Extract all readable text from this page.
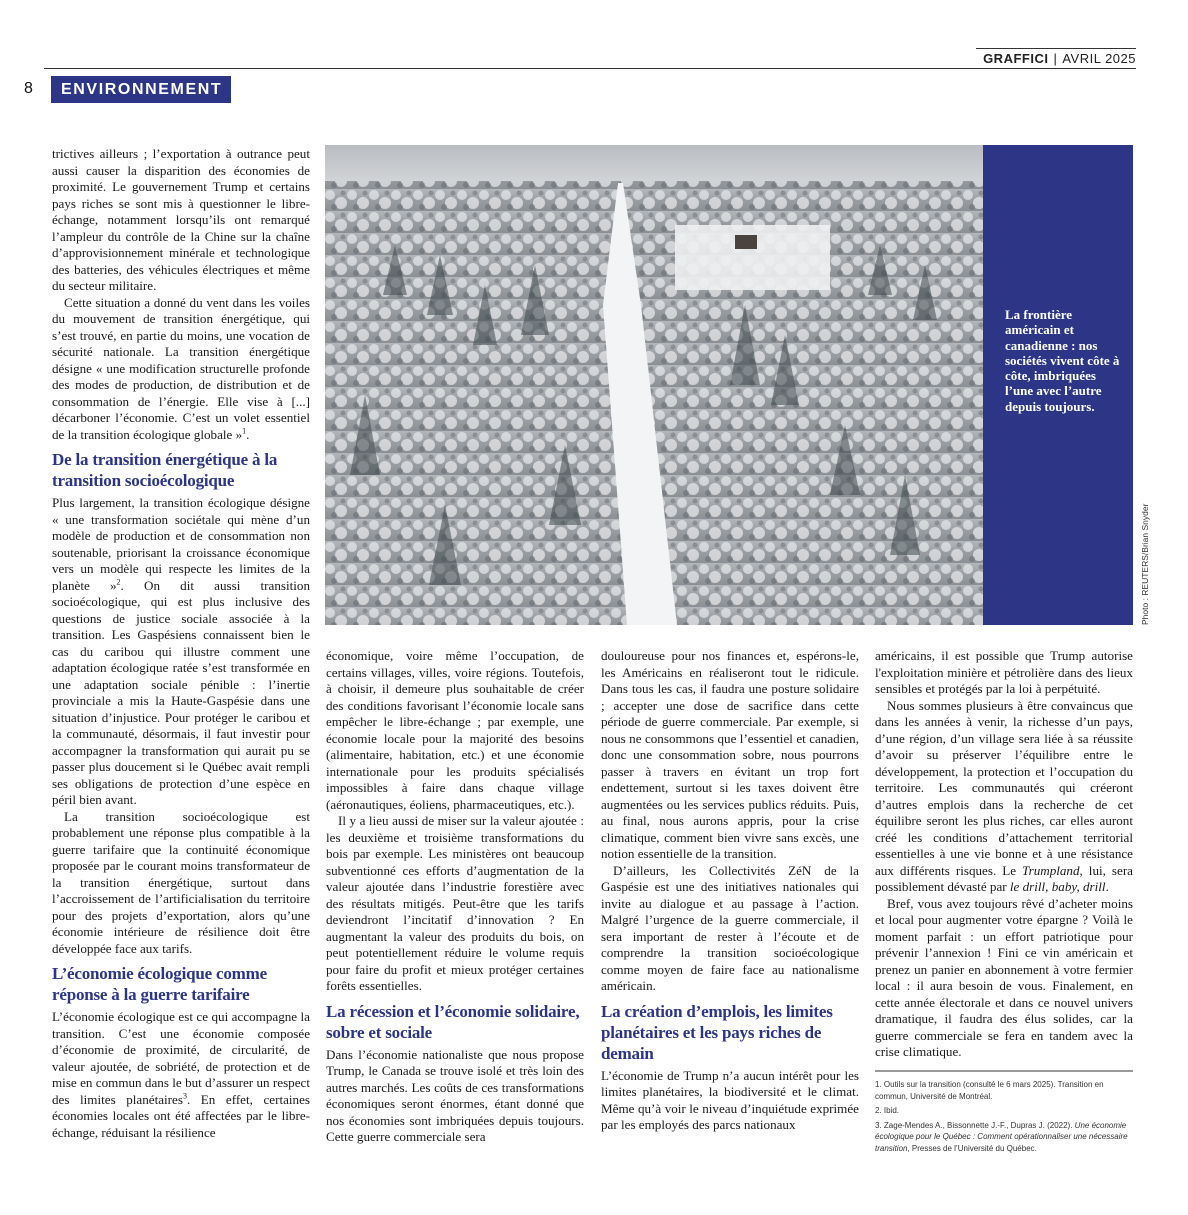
GRAFFICI | AVRIL 2025
8	ENVIRONNEMENT

trictives ailleurs ; l’exportation à outrance peut aussi causer la disparition des économies de proximité. Le gouvernement Trump et certains pays riches se sont mis à questionner le libre-échange, notamment lorsqu’ils ont remarqué l’ampleur du contrôle de la Chine sur la chaîne d’approvisionnement minérale et technologique des batteries, des véhicules électriques et même du secteur militaire.

Cette situation a donné du vent dans les voiles du mouvement de transition énergétique, qui s’est trouvé, en partie du moins, une vocation de sécurité nationale. La transition énergétique désigne « une modification structurelle profonde des modes de production, de distribution et de consommation de l’énergie. Elle vise à [...] décarboner l’économie. C’est un volet essentiel de la transition écologique globale »$^1$.

De la transition énergétique à la transition socioécologique

Plus largement, la transition écologique désigne « une transformation sociétale qui mène d’un modèle de production et de consommation non soutenable, priorisant la croissance économique vers un modèle qui respecte les limites de la planète »$^2$. On dit aussi transition socioécologique, qui est plus inclusive des questions de justice sociale associée à la transition. Les Gaspésiens connaissent bien le cas du caribou qui illustre comment une adaptation écologique ratée s’est transformée en une adaptation sociale pénible : l’inertie provinciale a mis la Haute-Gaspésie dans une situation d’injustice. Pour protéger le caribou et la communauté, désormais, il faut investir pour accompagner la transformation qui aurait pu se passer plus doucement si le Québec avait rempli ses obligations de protection d’une espèce en péril bien avant.

La transition socioécologique est probablement une réponse plus compatible à la guerre tarifaire que la continuité économique proposée par le courant moins transformateur de la transition énergétique, surtout dans l’accroissement de l’artificialisation du territoire pour des projets d’exportation, alors qu’une économie intérieure de résilience doit être développée face aux tarifs.

L’économie écologique comme réponse à la guerre tarifaire

L’économie écologique est ce qui accompagne la transition. C’est une économie composée d’économie de proximité, de circularité, de valeur ajoutée, de sobriété, de protection et de mise en commun dans le but d’assurer un respect des limites planétaires$^3$. En effet, certaines économies locales ont été affectées par le libre-échange, réduisant la résilience

La frontière américain et canadienne : nos sociétés vivent côte à côte, imbriquées l’une avec l’autre depuis toujours.
Photo : REUTERS/Brian Snyder

économique, voire même l’occupation, de certains villages, villes, voire régions. Toutefois, à choisir, il demeure plus souhaitable de créer des conditions favorisant l’économie locale sans empêcher le libre-échange ; par exemple, une économie locale pour la majorité des besoins (alimentaire, habitation, etc.) et une économie internationale pour les produits spécialisés impossibles à faire dans chaque village (aéronautiques, éoliens, pharmaceutiques, etc.).

Il y a lieu aussi de miser sur la valeur ajoutée : les deuxième et troisième transformations du bois par exemple. Les ministères ont beaucoup subventionné ces efforts d’augmentation de la valeur ajoutée dans l’industrie forestière avec des résultats mitigés. Peut-être que les tarifs deviendront l’incitatif d’innovation ? En augmentant la valeur des produits du bois, on peut potentiellement réduire le volume requis pour faire du profit et mieux protéger certaines forêts essentielles.

La récession et l’économie solidaire, sobre et sociale

Dans l’économie nationaliste que nous propose Trump, le Canada se trouve isolé et très loin des autres marchés. Les coûts de ces transformations économiques seront énormes, étant donné que nos économies sont imbriquées depuis toujours. Cette guerre commerciale sera

douloureuse pour nos finances et, espérons-le, les Américains en réaliseront tout le ridicule. Dans tous les cas, il faudra une posture solidaire ; accepter une dose de sacrifice dans cette période de guerre commerciale. Par exemple, si nous ne consommons que l’essentiel et canadien, donc une consommation sobre, nous pourrons passer à travers en évitant un trop fort endettement, surtout si les taxes doivent être augmentées ou les services publics réduits. Puis, au final, nous aurons appris, pour la crise climatique, comment bien vivre sans excès, une notion essentielle de la transition.

D’ailleurs, les Collectivités ZéN de la Gaspésie est une des initiatives nationales qui invite au dialogue et au passage à l’action. Malgré l’urgence de la guerre commerciale, il sera important de rester à l’écoute et de comprendre la transition socioécologique comme moyen de faire face au nationalisme américain.

La création d’emplois, les limites planétaires et les pays riches de demain

L’économie de Trump n’a aucun intérêt pour les limites planétaires, la biodiversité et le climat. Même qu’à voir le niveau d’inquiétude exprimée par les employés des parcs nationaux

américains, il est possible que Trump autorise l'exploitation minière et pétrolière dans des lieux sensibles et protégés par la loi à perpétuité.

Nous sommes plusieurs à être convaincus que dans les années à venir, la richesse d’un pays, d’une région, d’un village sera liée à sa réussite d’avoir su préserver l’équilibre entre le développement, la protection et l’occupation du territoire. Les communautés qui créeront d’autres emplois dans la recherche de cet équilibre seront les plus riches, car elles auront créé les conditions d’attachement territorial essentielles à une vie bonne et à une résistance aux différents risques. Le Trumpland, lui, sera possiblement dévasté par le drill, baby, drill.

Bref, vous avez toujours rêvé d’acheter moins et local pour augmenter votre épargne ? Voilà le moment parfait : un effort patriotique pour prévenir l’annexion ! Fini ce vin américain et prenez un panier en abonnement à votre fermier local : il aura besoin de vous. Finalement, en cette année électorale et dans ce nouvel univers dramatique, il faudra des élus solides, car la guerre commerciale se fera en tandem avec la crise climatique.

1. Outils sur la transition (consulté le 6 mars 2025). Transition en commun, Université de Montréal.
2. Ibid.
3. Zage-Mendes A., Bissonnette J.-F., Dupras J. (2022). Une économie écologique pour le Québec : Comment opérationnaliser une nécessaire transition, Presses de l’Université du Québec.
